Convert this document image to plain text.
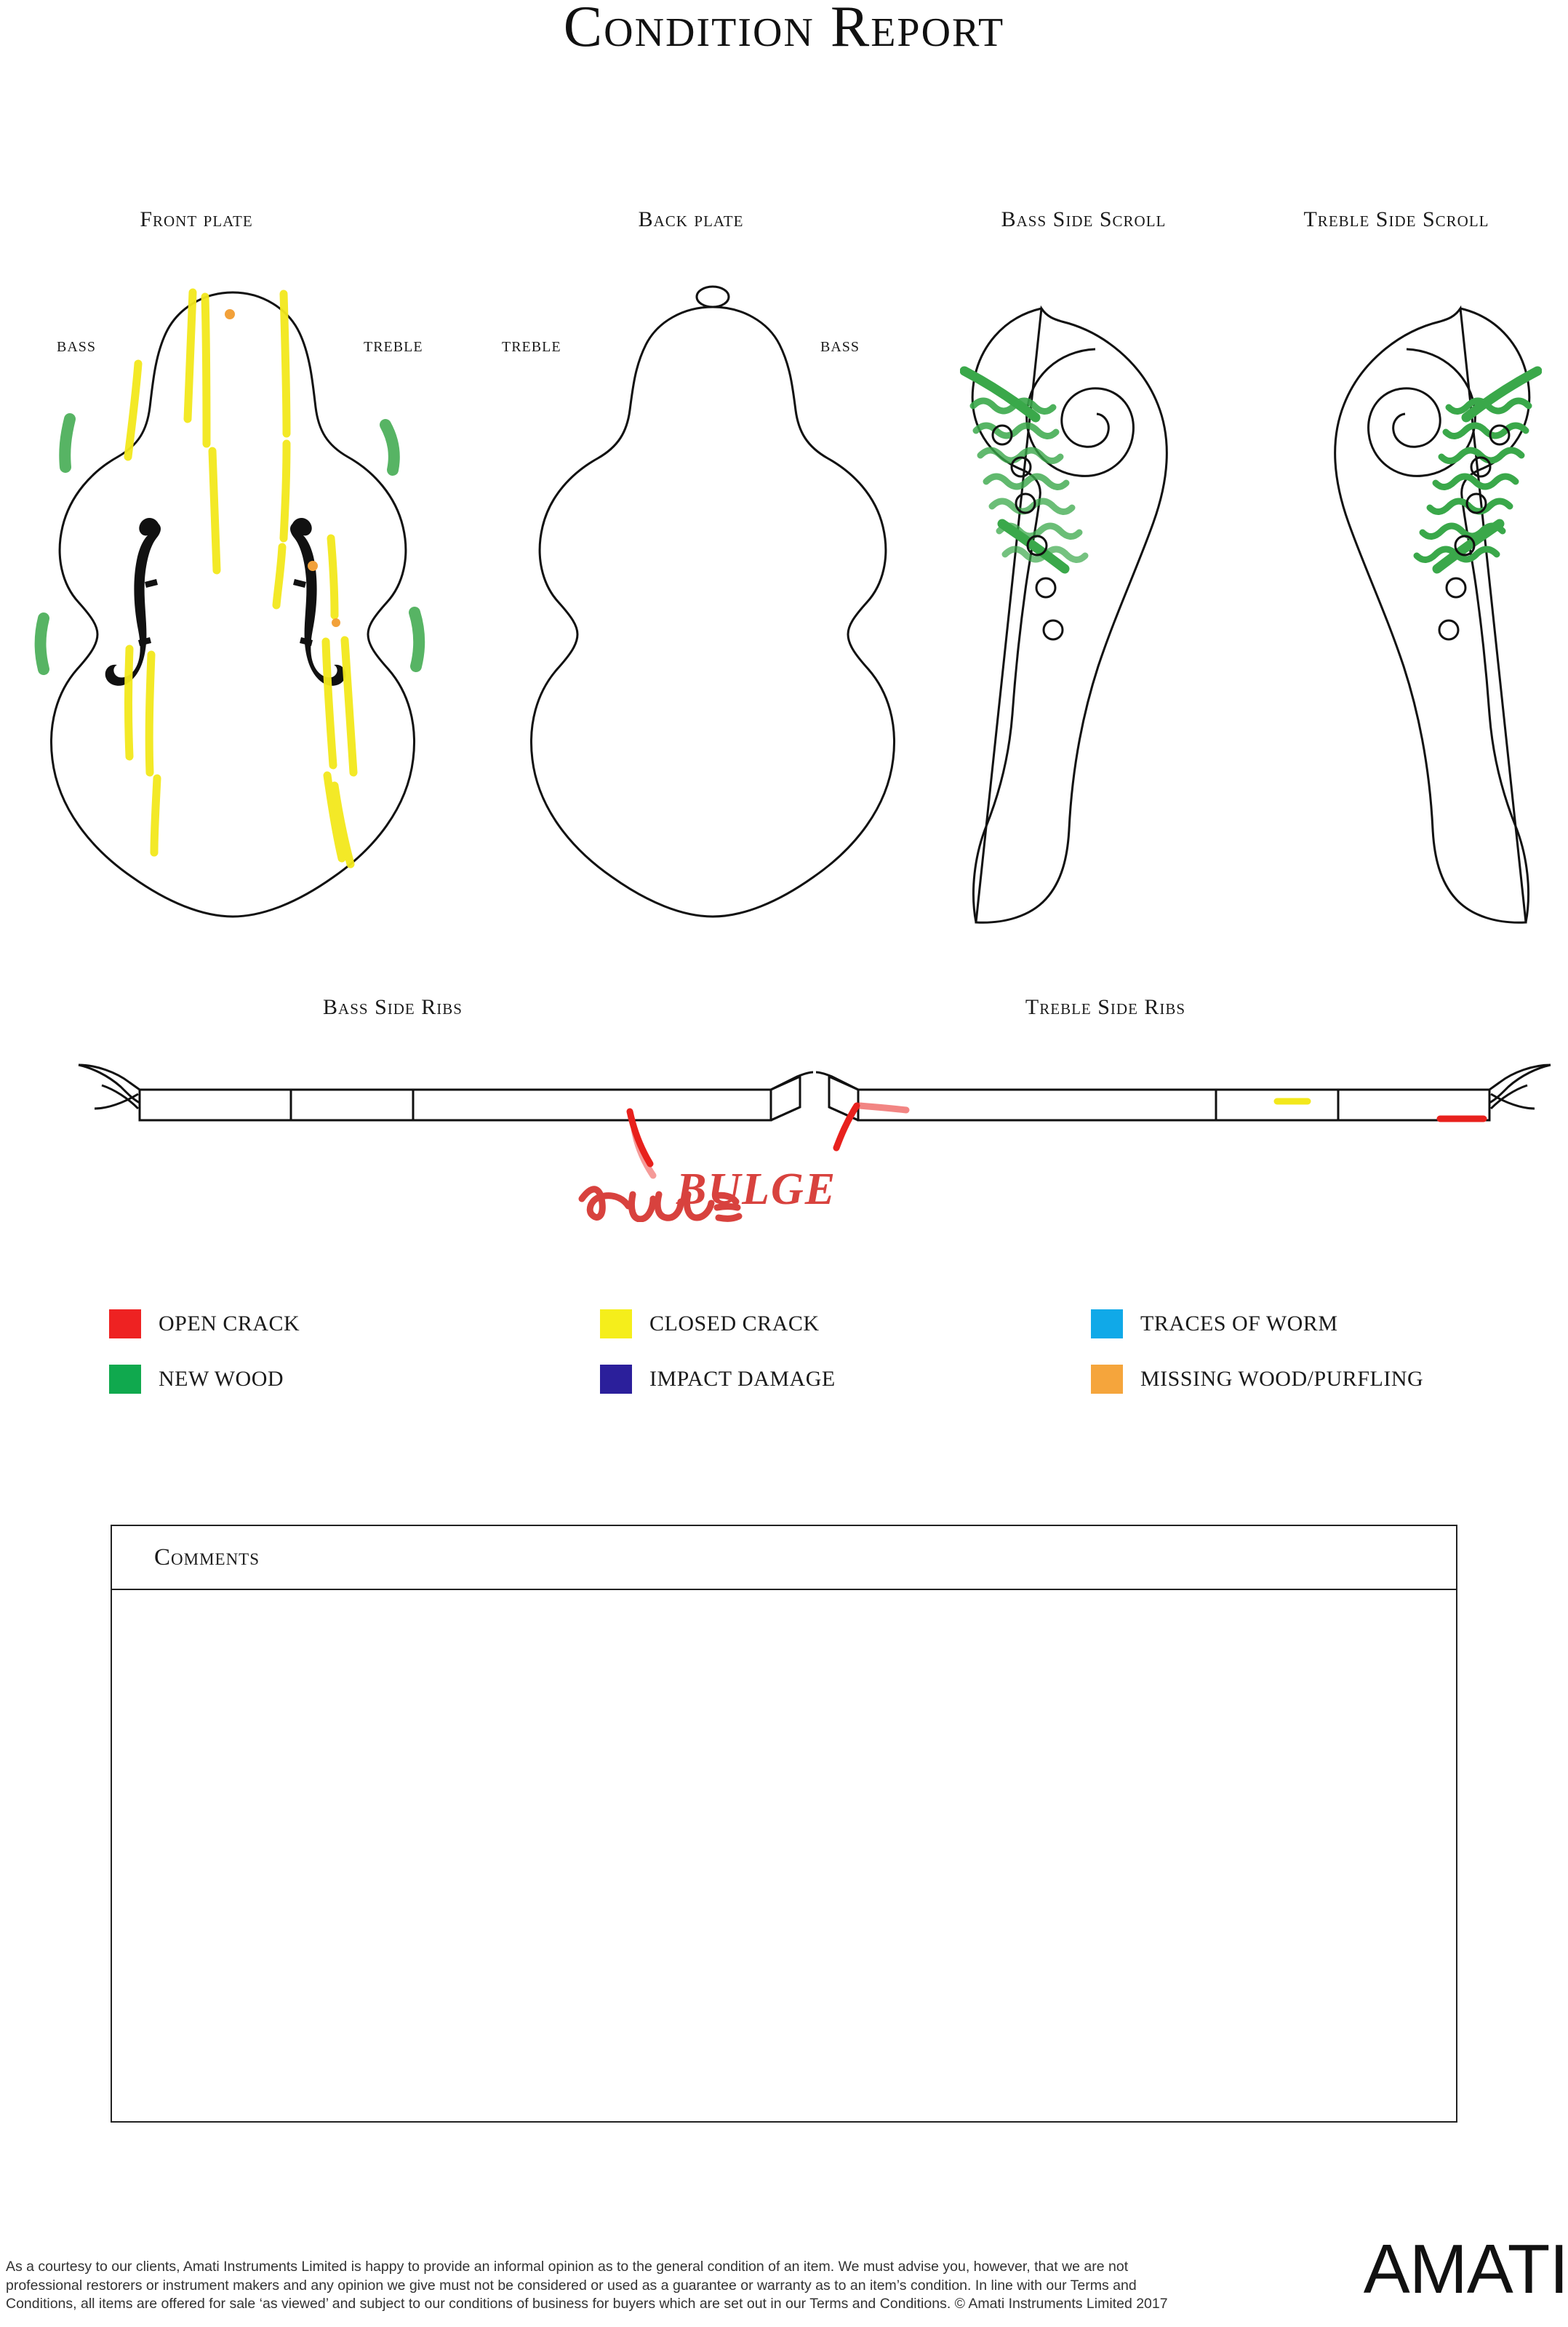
Condition Report
Front plate	Back plate	Bass Side Scroll	Treble Side Scroll
BASS	TREBLE	TREBLE	BASS
Bass Side Ribs	Treble Side Ribs
BULGE
OPEN CRACK	CLOSED CRACK	TRACES OF WORM
NEW WOOD	IMPACT DAMAGE	MISSING WOOD/PURFLING
Comments
As a courtesy to our clients, Amati Instruments Limited is happy to provide an informal opinion as to the general condition of an item. We must advise you, however, that we are not professional restorers or instrument makers and any opinion we give must not be considered or used as a guarantee or warranty as to an item’s condition. In line with our Terms and Conditions, all items are offered for sale ‘as viewed’ and subject to our conditions of business for buyers which are set out in our Terms and Conditions. © Amati Instruments Limited 2017	AMATI
